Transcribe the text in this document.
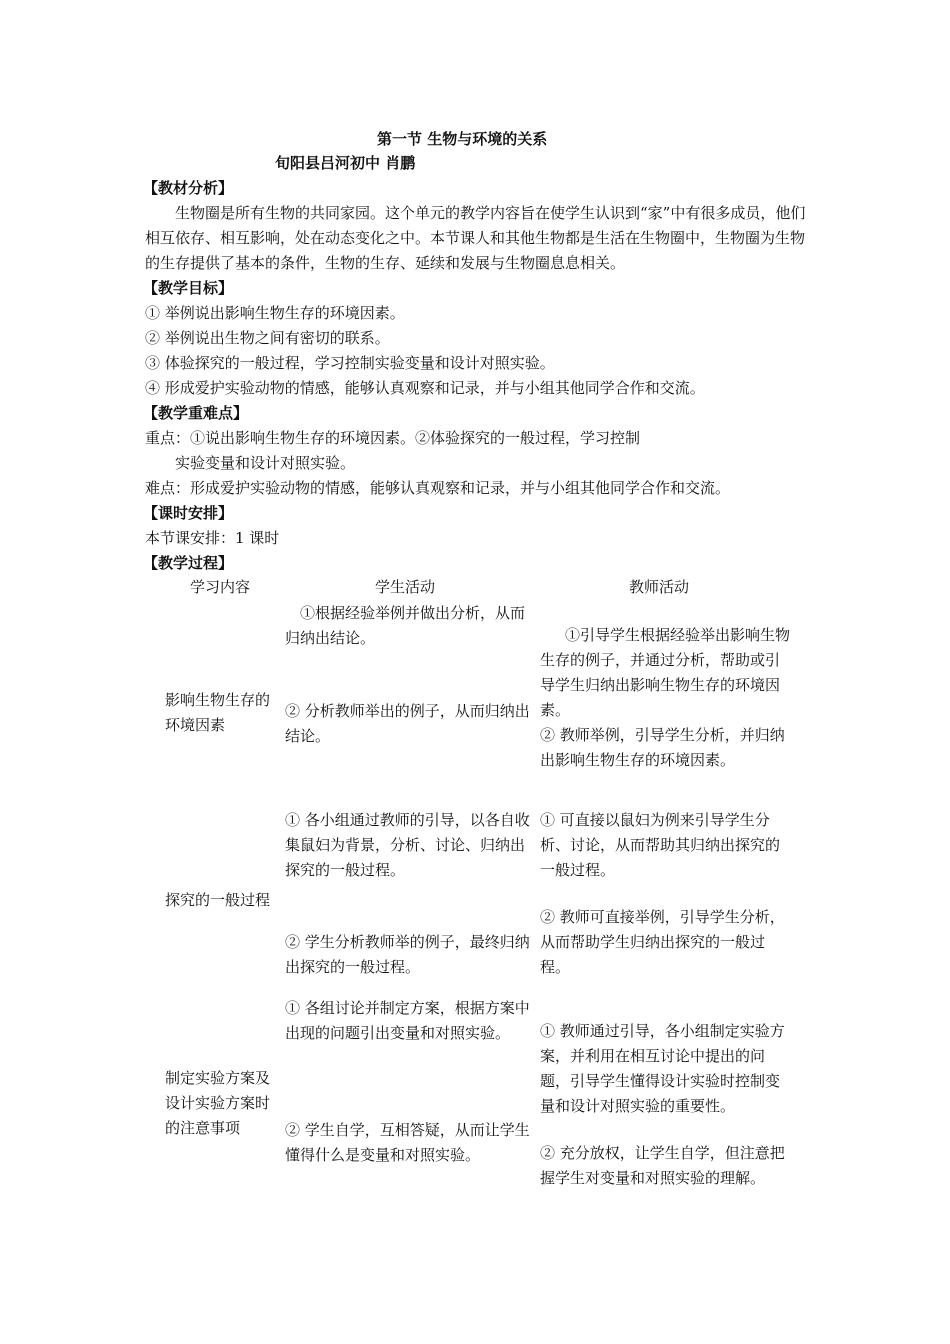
第一节 生物与环境的关系
旬阳县吕河初中 肖鹏
【教材分析】
生物圈是所有生物的共同家园。这个单元的教学内容旨在使学生认识到“家”中有很多成员，他们相互依存、相互影响，处在动态变化之中。本节课人和其他生物都是生活在生物圈中，生物圈为生物的生存提供了基本的条件，生物的生存、延续和发展与生物圈息息相关。
【教学目标】
① 举例说出影响生物生存的环境因素。
② 举例说出生物之间有密切的联系。
③ 体验探究的一般过程，学习控制实验变量和设计对照实验。
④ 形成爱护实验动物的情感，能够认真观察和记录，并与小组其他同学合作和交流。
【教学重难点】
重点：①说出影响生物生存的环境因素。②体验探究的一般过程，学习控制
实验变量和设计对照实验。
难点：形成爱护实验动物的情感，能够认真观察和记录，并与小组其他同学合作和交流。
【课时安排】
本节课安排：1 课时
【教学过程】
学习内容	学生活动	教师活动
影响生物生存的环境因素
①根据经验举例并做出分析，从而归纳出结论。
② 分析教师举出的例子，从而归纳出结论。
①引导学生根据经验举出影响生物生存的例子，并通过分析，帮助或引导学生归纳出影响生物生存的环境因素。
② 教师举例，引导学生分析，并归纳出影响生物生存的环境因素。
探究的一般过程
① 各小组通过教师的引导，以各自收集鼠妇为背景，分析、讨论、归纳出探究的一般过程。
② 学生分析教师举的例子，最终归纳出探究的一般过程。
① 可直接以鼠妇为例来引导学生分析、讨论，从而帮助其归纳出探究的一般过程。
② 教师可直接举例，引导学生分析，从而帮助学生归纳出探究的一般过程。
制定实验方案及设计实验方案时的注意事项
① 各组讨论并制定方案，根据方案中出现的问题引出变量和对照实验。
② 学生自学，互相答疑，从而让学生懂得什么是变量和对照实验。
① 教师通过引导，各小组制定实验方案，并利用在相互讨论中提出的问题，引导学生懂得设计实验时控制变量和设计对照实验的重要性。
② 充分放权，让学生自学，但注意把握学生对变量和对照实验的理解。
